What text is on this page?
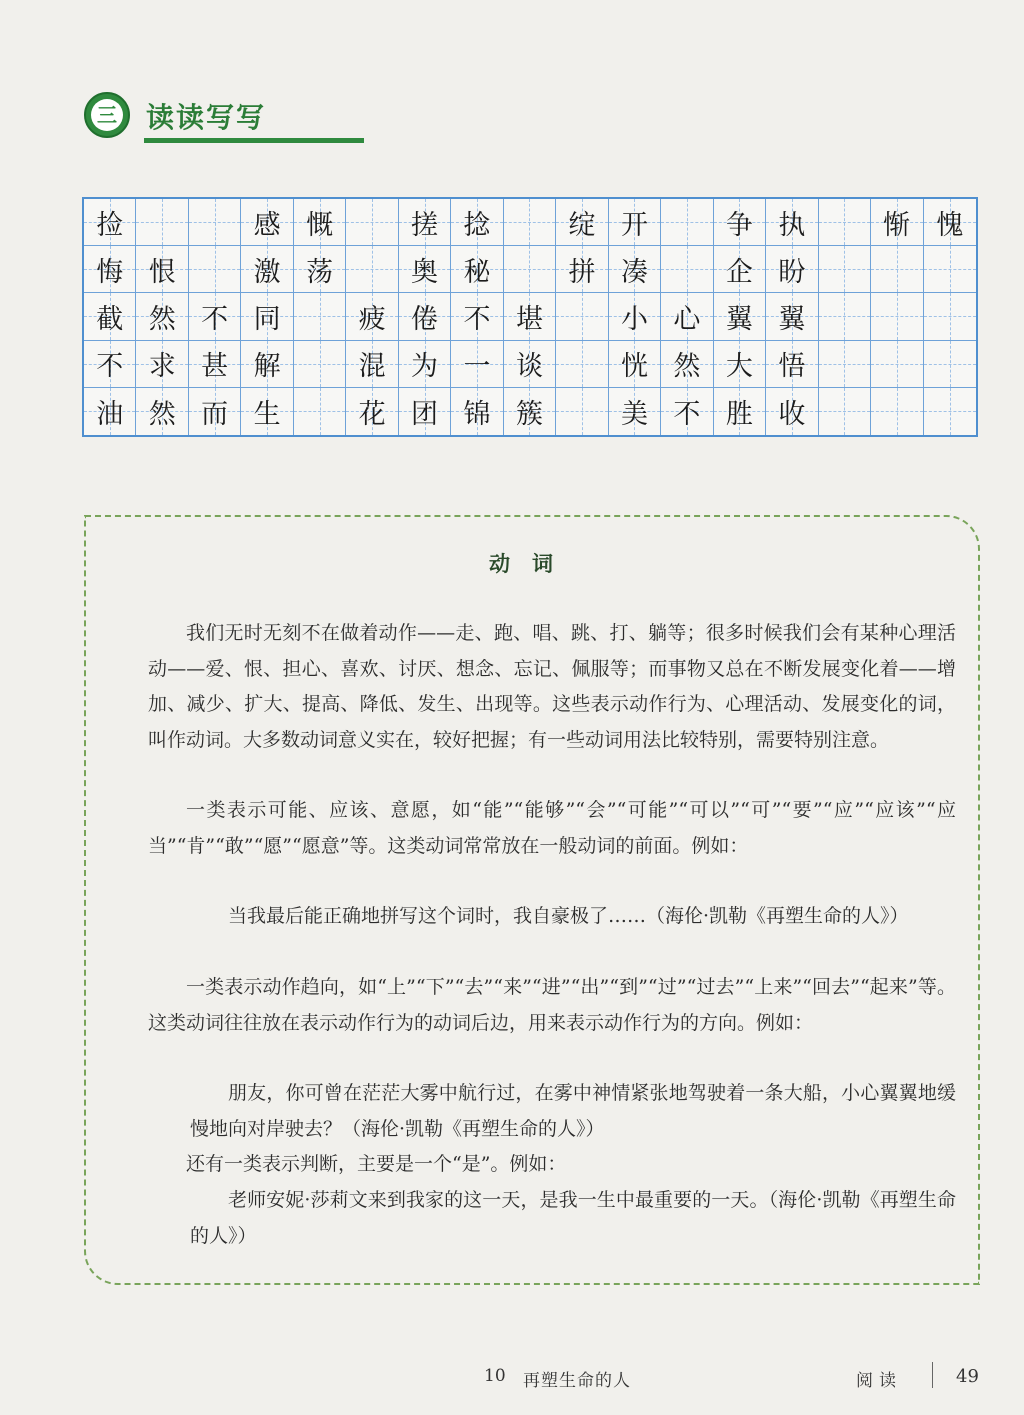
三 读读写写
捡	感 慨	搓 捻	绽 开	争 执	惭 愧
悔 恨	激 荡	奥 秘	拼 凑	企 盼
截 然 不 同	疲 倦 不 堪	小 心 翼 翼
不 求 甚 解	混 为 一 谈	恍 然 大 悟
油 然 而 生	花 团 锦 簇	美 不 胜 收
动词
我们无时无刻不在做着动作——走、跑、唱、跳、打、躺等；很多时候我们会有某种心理活动——爱、恨、担心、喜欢、讨厌、想念、忘记、佩服等；而事物又总在不断发展变化着——增加、减少、扩大、提高、降低、发生、出现等。这些表示动作行为、心理活动、发展变化的词，叫作动词。大多数动词意义实在，较好把握；有一些动词用法比较特别，需要特别注意。
一类表示可能、应该、意愿，如“能”“能够”“会”“可能”“可以”“可”“要”“应”“应该”“应当”“肯”“敢”“愿”“愿意”等。这类动词常常放在一般动词的前面。例如：
当我最后能正确地拼写这个词时，我自豪极了……（海伦·凯勒《再塑生命的人》）
一类表示动作趋向，如“上”“下”“去”“来”“进”“出”“到”“过”“过去”“上来”“回去”“起来”等。这类动词往往放在表示动作行为的动词后边，用来表示动作行为的方向。例如：
朋友，你可曾在茫茫大雾中航行过，在雾中神情紧张地驾驶着一条大船，小心翼翼地缓慢地向对岸驶去？（海伦·凯勒《再塑生命的人》）
还有一类表示判断，主要是一个“是”。例如：
老师安妮·莎莉文来到我家的这一天，是我一生中最重要的一天。（海伦·凯勒《再塑生命的人》）
10 再塑生命的人	阅读	49
